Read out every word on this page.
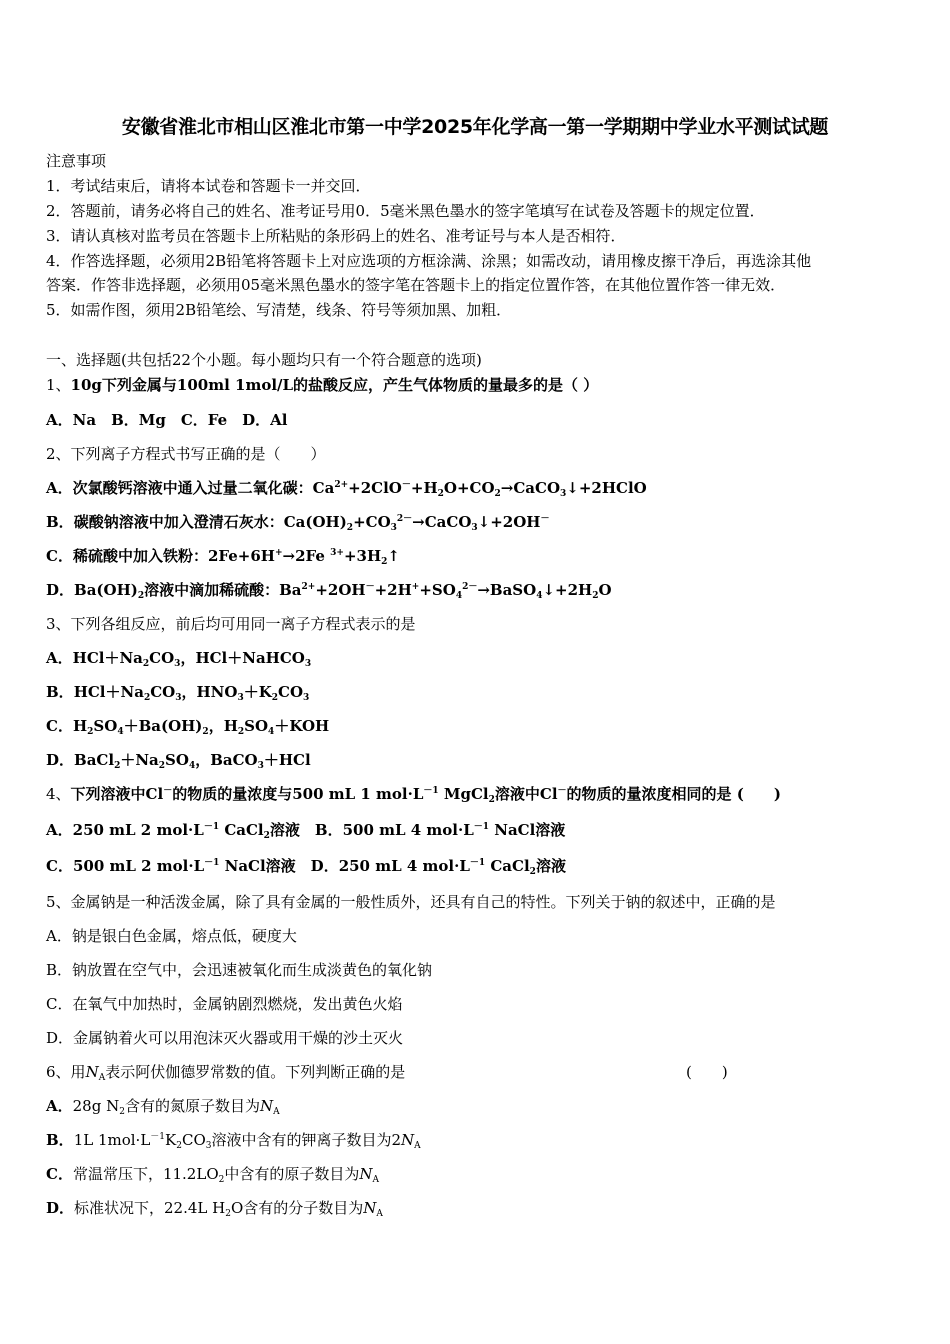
安徽省淮北市相山区淮北市第一中学2025年化学高一第一学期期中学业水平测试试题
注意事项
1．考试结束后，请将本试卷和答题卡一并交回．
2．答题前，请务必将自己的姓名、准考证号用0．5毫米黑色墨水的签字笔填写在试卷及答题卡的规定位置．
3．请认真核对监考员在答题卡上所粘贴的条形码上的姓名、准考证号与本人是否相符．
4．作答选择题，必须用2B铅笔将答题卡上对应选项的方框涂满、涂黑；如需改动，请用橡皮擦干净后，再选涂其他
答案．作答非选择题，必须用05毫米黑色墨水的签字笔在答题卡上的指定位置作答，在其他位置作答一律无效．
5．如需作图，须用2B铅笔绘、写清楚，线条、符号等须加黑、加粗．
一、选择题(共包括22个小题。每小题均只有一个符合题意的选项)
1、10g下列金属与100ml 1mol/L的盐酸反应，产生气体物质的量最多的是（ ）
A．Na　B．Mg　C．Fe　D．Al
2、下列离子方程式书写正确的是（　　）
A．次氯酸钙溶液中通入过量二氧化碳：$Ca^{2+}+2ClO^-+H_2O+CO_2\to CaCO_3↓+2HClO$
B．碳酸钠溶液中加入澄清石灰水：$Ca(OH)_2+CO_3^{2-}\to CaCO_3↓+2OH^-$
C．稀硫酸中加入铁粉：2Fe+6H+→2Fe $^{3+}+3H_2↑$
D．$Ba(OH)_2$溶液中滴加稀硫酸：$Ba^{2+}+2OH^-+2H^++SO_4^{2-}\to BaSO_4↓+2H_2O$
3、下列各组反应，前后均可用同一离子方程式表示的是
A．$HCl+Na_2CO_3$，HCl＋NaHCO$_3$
B．$HCl+Na_2CO_3$，$HNO_3+K_2CO_3$
C．$H_2SO_4+Ba(OH)_2$，$H_2SO_4+KOH$
D．$BaCl_2+Na_2SO_4$，BaCO$_3$＋HCl
4、下列溶液中Cl－的物质的量浓度与500 mL 1 $mol\cdot L^{-1}$ MgCl$_2$溶液中Cl－的物质的量浓度相同的是 (　　)
A．250 mL 2 $mol\cdot L^{-1}$ CaCl$_2$溶液　B．500 mL 4 $mol\cdot L^{-1}$ NaCl溶液
C．500 mL 2 $mol\cdot L^{-1}$ NaCl溶液　D．250 mL 4 $mol\cdot L^{-1}$ CaCl$_2$溶液
5、金属钠是一种活泼金属，除了具有金属的一般性质外，还具有自己的特性。下列关于钠的叙述中，正确的是
A．钠是银白色金属，熔点低，硬度大
B．钠放置在空气中，会迅速被氧化而生成淡黄色的氧化钠
C．在氧气中加热时，金属钠剧烈燃烧，发出黄色火焰
D．金属钠着火可以用泡沫灭火器或用干燥的沙土灭火
6、用$N_A$表示阿伏伽德罗常数的值。下列判断正确的是	(　　)
A．28g $N_2$含有的氮原子数目为$N_A$
B．1L $1mol\cdot L^{-1}K_2CO_3$溶液中含有的钾离子数目为$2N_A$
C．常温常压下，$11.2LO_2$中含有的原子数目为$N_A$
D．标准状况下，22.4L $H_2O$含有的分子数目为$N_A$
